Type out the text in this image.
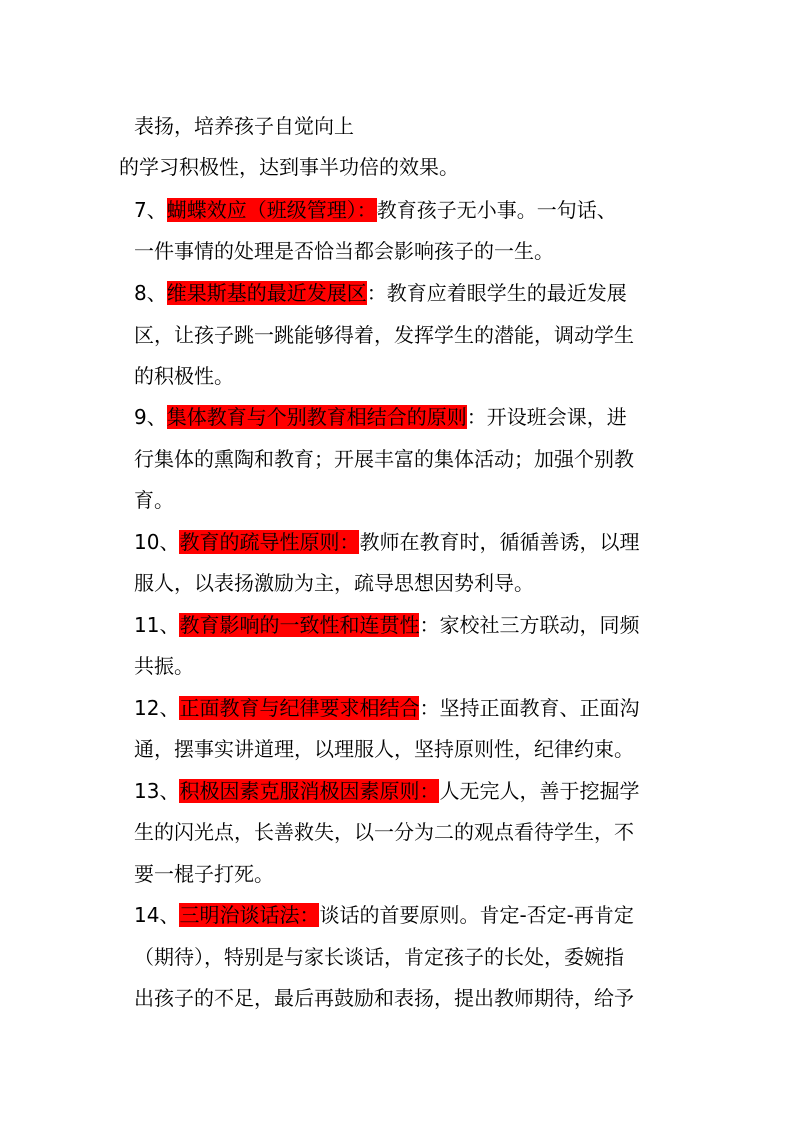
表扬，培养孩子自觉向上
的学习积极性，达到事半功倍的效果。
7、蝴蝶效应（班级管理）：教育孩子无小事。一句话、
一件事情的处理是否恰当都会影响孩子的一生。
8、维果斯基的最近发展区：教育应着眼学生的最近发展
区，让孩子跳一跳能够得着，发挥学生的潜能，调动学生
的积极性。
9、集体教育与个别教育相结合的原则：开设班会课，进
行集体的熏陶和教育；开展丰富的集体活动；加强个别教
育。
10、教育的疏导性原则：教师在教育时，循循善诱，以理
服人，以表扬激励为主，疏导思想因势利导。
11、教育影响的一致性和连贯性：家校社三方联动，同频
共振。
12、正面教育与纪律要求相结合：坚持正面教育、正面沟
通，摆事实讲道理，以理服人，坚持原则性，纪律约束。
13、积极因素克服消极因素原则：人无完人，善于挖掘学
生的闪光点，长善救失，以一分为二的观点看待学生，不
要一棍子打死。
14、三明治谈话法：谈话的首要原则。肯定-否定-再肯定
（期待），特别是与家长谈话，肯定孩子的长处，委婉指
出孩子的不足，最后再鼓励和表扬，提出教师期待，给予
